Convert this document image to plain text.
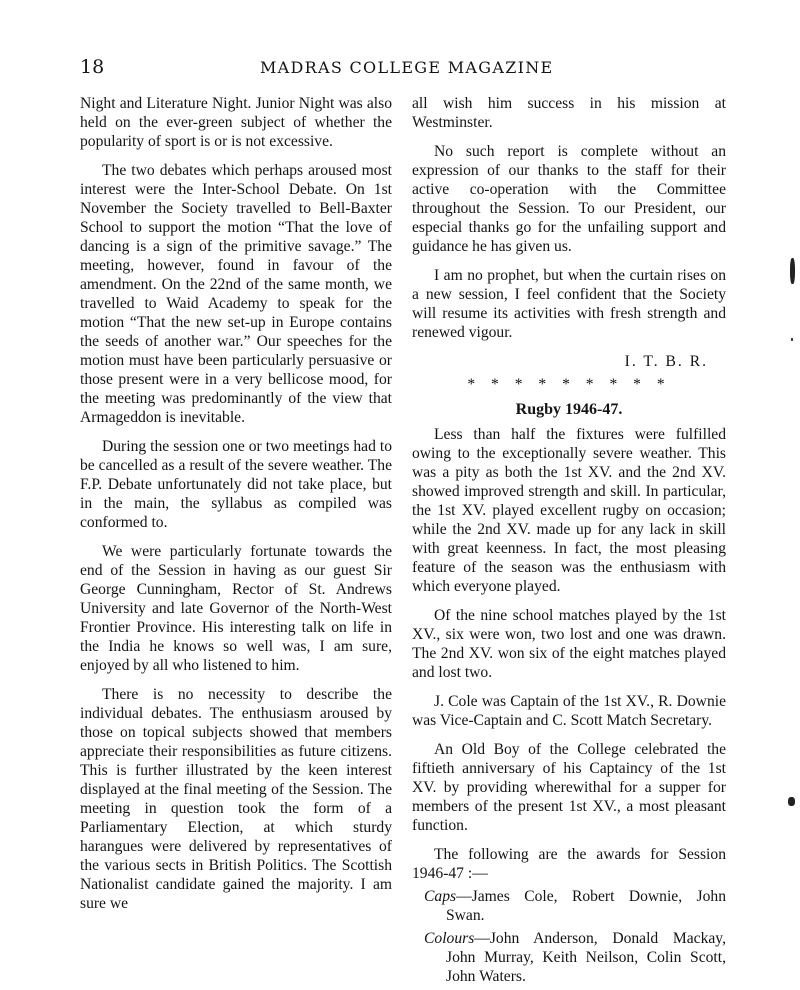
18	MADRAS COLLEGE MAGAZINE

Night and Literature Night. Junior Night was also held on the ever-green subject of whether the popularity of sport is or is not excessive.

The two debates which perhaps aroused most interest were the Inter-School Debate. On 1st November the Society travelled to Bell-Baxter School to support the motion “That the love of dancing is a sign of the primitive savage.” The meeting, however, found in favour of the amendment. On the 22nd of the same month, we travelled to Waid Academy to speak for the motion “That the new set-up in Europe contains the seeds of another war.” Our speeches for the motion must have been particularly persuasive or those present were in a very bellicose mood, for the meeting was predominantly of the view that Armageddon is inevitable.

During the session one or two meetings had to be cancelled as a result of the severe weather. The F.P. Debate unfortunately did not take place, but in the main, the syllabus as compiled was conformed to.

We were particularly fortunate towards the end of the Session in having as our guest Sir George Cunningham, Rector of St. Andrews University and late Governor of the North-West Frontier Province. His interesting talk on life in the India he knows so well was, I am sure, enjoyed by all who listened to him.

There is no necessity to describe the individual debates. The enthusiasm aroused by those on topical subjects showed that members appreciate their responsibilities as future citizens. This is further illustrated by the keen interest displayed at the final meeting of the Session. The meeting in question took the form of a Parliamentary Election, at which sturdy harangues were delivered by representatives of the various sects in British Politics. The Scottish Nationalist candidate gained the majority. I am sure we

all wish him success in his mission at Westminster.

No such report is complete without an expression of our thanks to the staff for their active co-operation with the Committee throughout the Session. To our President, our especial thanks go for the unfailing support and guidance he has given us.

I am no prophet, but when the curtain rises on a new session, I feel confident that the Society will resume its activities with fresh strength and renewed vigour.

I. T. B. R.
* * * * * * * * *
Rugby 1946-47.

Less than half the fixtures were fulfilled owing to the exceptionally severe weather. This was a pity as both the 1st XV. and the 2nd XV. showed improved strength and skill. In particular, the 1st XV. played excellent rugby on occasion; while the 2nd XV. made up for any lack in skill with great keenness. In fact, the most pleasing feature of the season was the enthusiasm with which everyone played.

Of the nine school matches played by the 1st XV., six were won, two lost and one was drawn. The 2nd XV. won six of the eight matches played and lost two.

J. Cole was Captain of the 1st XV., R. Downie was Vice-Captain and C. Scott Match Secretary.

An Old Boy of the College celebrated the fiftieth anniversary of his Captaincy of the 1st XV. by providing wherewithal for a supper for members of the present 1st XV., a most pleasant function.

The following are the awards for Session 1946-47 :—

Caps—James Cole, Robert Downie, John Swan.

Colours—John Anderson, Donald Mackay, John Murray, Keith Neilson, Colin Scott, John Waters.
